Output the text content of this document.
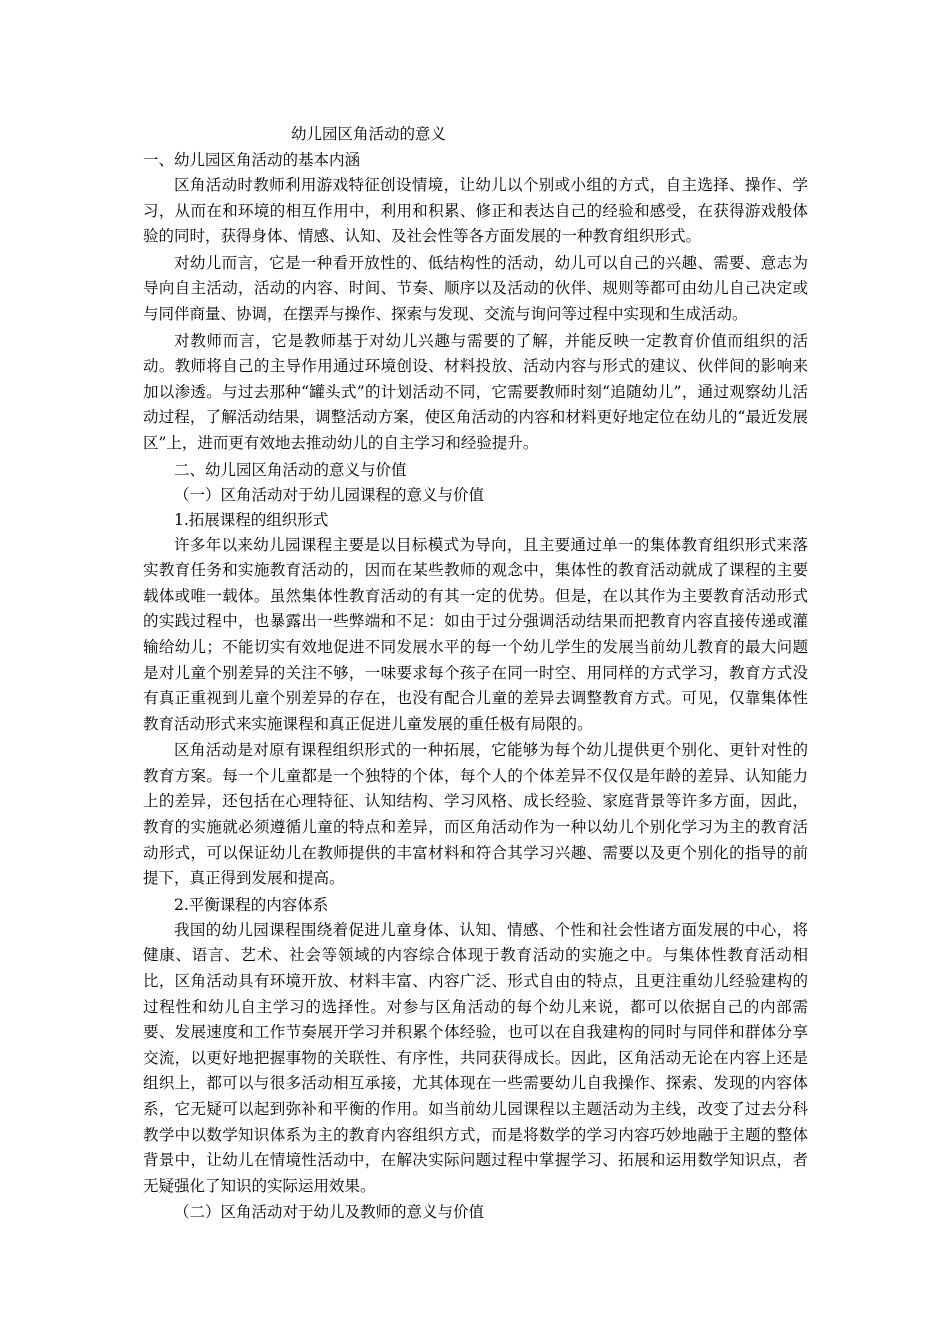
幼儿园区角活动的意义

一、幼儿园区角活动的基本内涵

区角活动时教师利用游戏特征创设情境，让幼儿以个别或小组的方式，自主选择、操作、学习，从而在和环境的相互作用中，利用和积累、修正和表达自己的经验和感受，在获得游戏般体验的同时，获得身体、情感、认知、及社会性等各方面发展的一种教育组织形式。

对幼儿而言，它是一种看开放性的、低结构性的活动，幼儿可以自己的兴趣、需要、意志为导向自主活动，活动的内容、时间、节奏、顺序以及活动的伙伴、规则等都可由幼儿自己决定或与同伴商量、协调，在摆弄与操作、探索与发现、交流与询问等过程中实现和生成活动。

对教师而言，它是教师基于对幼儿兴趣与需要的了解，并能反映一定教育价值而组织的活动。教师将自己的主导作用通过环境创设、材料投放、活动内容与形式的建议、伙伴间的影响来加以渗透。与过去那种“罐头式”的计划活动不同，它需要教师时刻“追随幼儿”，通过观察幼儿活动过程，了解活动结果，调整活动方案，使区角活动的内容和材料更好地定位在幼儿的“最近发展区”上，进而更有效地去推动幼儿的自主学习和经验提升。

二、幼儿园区角活动的意义与价值

（一）区角活动对于幼儿园课程的意义与价值

1.拓展课程的组织形式

许多年以来幼儿园课程主要是以目标模式为导向，且主要通过单一的集体教育组织形式来落实教育任务和实施教育活动的，因而在某些教师的观念中，集体性的教育活动就成了课程的主要载体或唯一载体。虽然集体性教育活动的有其一定的优势。但是，在以其作为主要教育活动形式的实践过程中，也暴露出一些弊端和不足：如由于过分强调活动结果而把教育内容直接传递或灌输给幼儿；不能切实有效地促进不同发展水平的每一个幼儿学生的发展当前幼儿教育的最大问题是对儿童个别差异的关注不够，一味要求每个孩子在同一时空、用同样的方式学习，教育方式没有真正重视到儿童个别差异的存在，也没有配合儿童的差异去调整教育方式。可见，仅靠集体性教育活动形式来实施课程和真正促进儿童发展的重任极有局限的。

区角活动是对原有课程组织形式的一种拓展，它能够为每个幼儿提供更个别化、更针对性的教育方案。每一个儿童都是一个独特的个体，每个人的个体差异不仅仅是年龄的差异、认知能力上的差异，还包括在心理特征、认知结构、学习风格、成长经验、家庭背景等许多方面，因此，教育的实施就必须遵循儿童的特点和差异，而区角活动作为一种以幼儿个别化学习为主的教育活动形式，可以保证幼儿在教师提供的丰富材料和符合其学习兴趣、需要以及更个别化的指导的前提下，真正得到发展和提高。

2.平衡课程的内容体系

我国的幼儿园课程围绕着促进儿童身体、认知、情感、个性和社会性诸方面发展的中心，将健康、语言、艺术、社会等领域的内容综合体现于教育活动的实施之中。与集体性教育活动相比，区角活动具有环境开放、材料丰富、内容广泛、形式自由的特点，且更注重幼儿经验建构的过程性和幼儿自主学习的选择性。对参与区角活动的每个幼儿来说，都可以依据自己的内部需要、发展速度和工作节奏展开学习并积累个体经验，也可以在自我建构的同时与同伴和群体分享交流，以更好地把握事物的关联性、有序性，共同获得成长。因此，区角活动无论在内容上还是组织上，都可以与很多活动相互承接，尤其体现在一些需要幼儿自我操作、探索、发现的内容体系，它无疑可以起到弥补和平衡的作用。如当前幼儿园课程以主题活动为主线，改变了过去分科教学中以数学知识体系为主的教育内容组织方式，而是将数学的学习内容巧妙地融于主题的整体背景中，让幼儿在情境性活动中，在解决实际问题过程中掌握学习、拓展和运用数学知识点，者无疑强化了知识的实际运用效果。

（二）区角活动对于幼儿及教师的意义与价值
